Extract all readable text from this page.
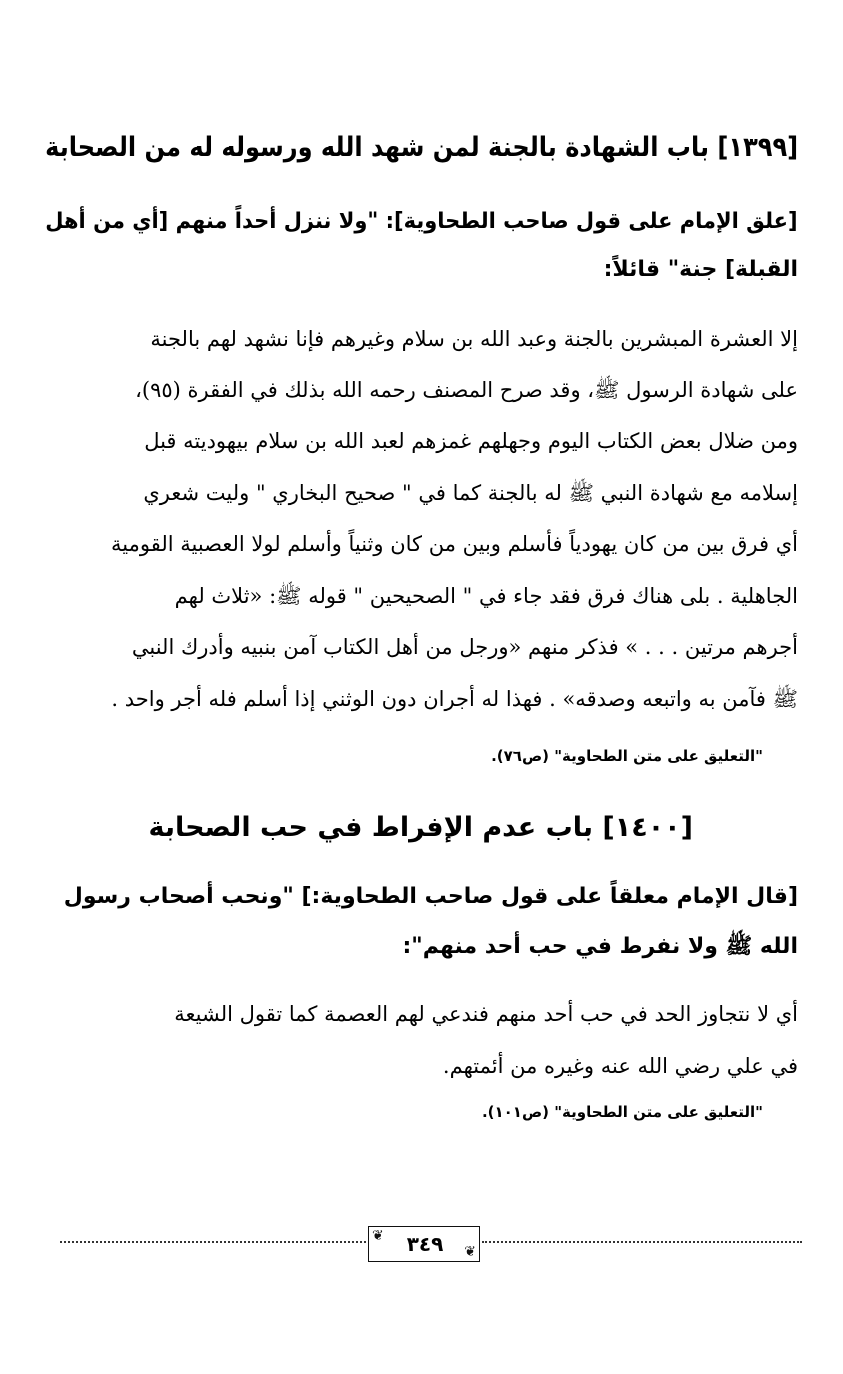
[١٣٩٩] باب الشهادة بالجنة لمن شهد الله ورسوله له من الصحابة
[علق الإمام على قول صاحب الطحاوية]: "ولا ننزل أحداً منهم [أي من أهل
القبلة] جنة" قائلاً:
إلا العشرة المبشرين بالجنة وعبد الله بن سلام وغيرهم فإنا نشهد لهم بالجنة
على شهادة الرسول ﷺ، وقد صرح المصنف رحمه الله بذلك في الفقرة (٩٥)،
ومن ضلال بعض الكتاب اليوم وجهلهم غمزهم لعبد الله بن سلام بيهوديته قبل
إسلامه مع شهادة النبي ﷺ له بالجنة كما في " صحيح البخاري " وليت شعري
أي فرق بين من كان يهودياً فأسلم وبين من كان وثنياً وأسلم لولا العصبية القومية
الجاهلية . بلى هناك فرق فقد جاء في " الصحيحين " قوله ﷺ: «ثلاث لهم
أجرهم مرتين . . . » فذكر منهم «ورجل من أهل الكتاب آمن بنبيه وأدرك النبي
ﷺ فآمن به واتبعه وصدقه» . فهذا له أجران دون الوثني إذا أسلم فله أجر واحد .
"التعليق على متن الطحاوية" (ص٧٦).
[١٤٠٠] باب عدم الإفراط في حب الصحابة
[قال الإمام معلقاً على قول صاحب الطحاوية:] "ونحب أصحاب رسول
الله ﷺ ولا نفرط في حب أحد منهم":
أي لا نتجاوز الحد في حب أحد منهم فندعي لهم العصمة كما تقول الشيعة
في علي رضي الله عنه وغيره من أئمتهم.
"التعليق على متن الطحاوية" (ص١٠١).
❦
❦
٣٤٩
